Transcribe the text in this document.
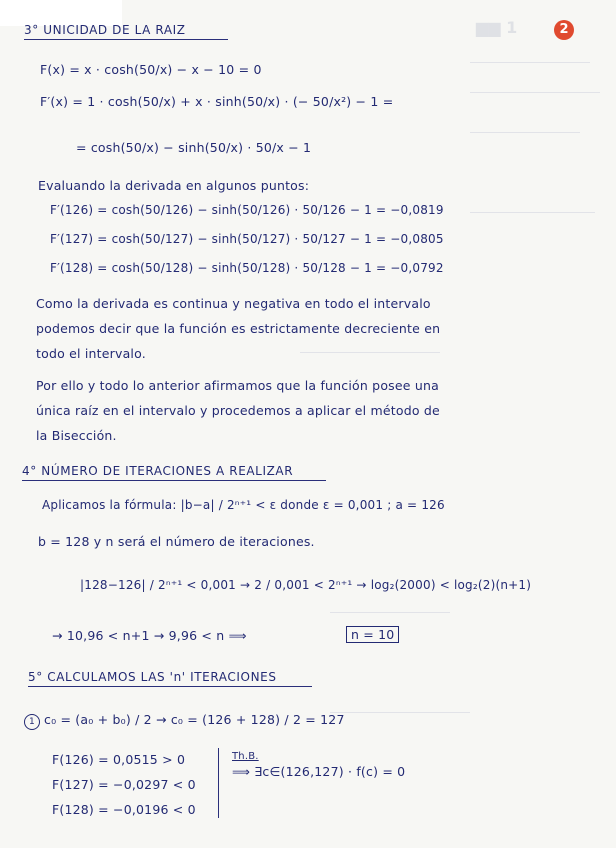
▆▆ 1	2
3° UNICIDAD DE LA RAIZ
F(x) = x · cosh(50/x) − x − 10 = 0
F′(x) = 1 · cosh(50/x) + x · sinh(50/x) · (− 50/x²) − 1 =
= cosh(50/x) − sinh(50/x) · 50/x − 1
Evaluando la derivada en algunos puntos:
F′(126) = cosh(50/126) − sinh(50/126) · 50/126 − 1 = −0,0819
F′(127) = cosh(50/127) − sinh(50/127) · 50/127 − 1 = −0,0805
F′(128) = cosh(50/128) − sinh(50/128) · 50/128 − 1 = −0,0792
Como la derivada es continua y negativa en todo el intervalo
podemos decir que la función es estrictamente decreciente en
todo el intervalo.
Por ello y todo lo anterior afirmamos que la función posee una
única raíz en el intervalo y procedemos a aplicar el método de
la Bisección.
4° NÚMERO DE ITERACIONES A REALIZAR
Aplicamos la fórmula: |b−a| / 2ⁿ⁺¹ < ε donde ε = 0,001 ; a = 126
b = 128 y n será el número de iteraciones.
|128−126| / 2ⁿ⁺¹ < 0,001 → 2 / 0,001 < 2ⁿ⁺¹ → log₂(2000) < log₂(2)(n+1)
→ 10,96 < n+1 → 9,96 < n ⟹	n = 10
5° CALCULAMOS LAS 'n' ITERACIONES
1 c₀ = (a₀ + b₀) / 2 → c₀ = (126 + 128) / 2 = 127
F(126) = 0,0515 > 0
F(127) = −0,0297 < 0
F(128) = −0,0196 < 0
Th.B.
⟹ ∃c∈(126,127) · f(c) = 0
